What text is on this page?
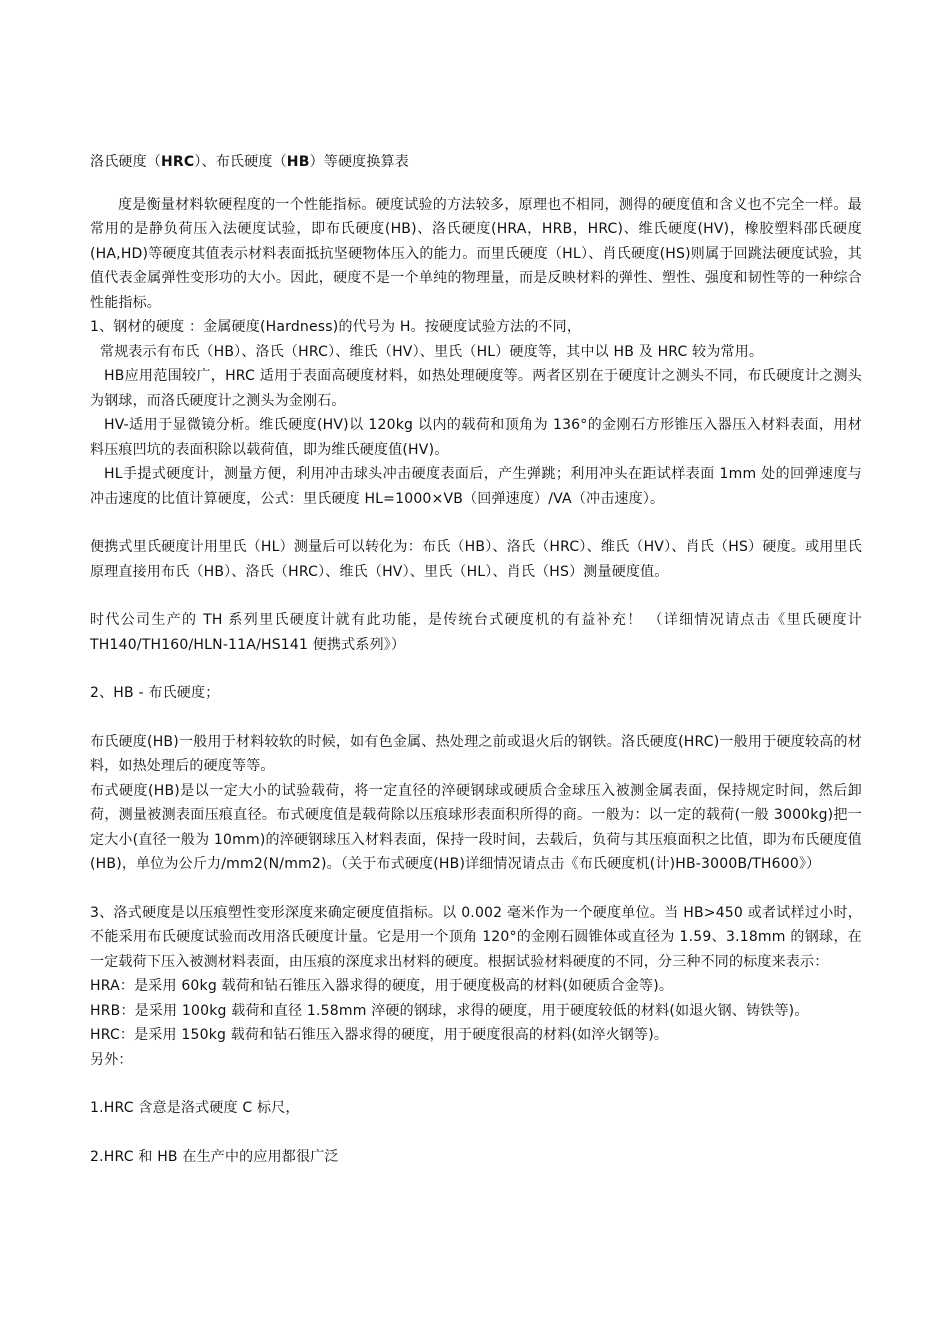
洛氏硬度（HRC）、布氏硬度（HB）等硬度换算表

度是衡量材料软硬程度的一个性能指标。硬度试验的方法较多，原理也不相同，测得的硬度值和含义也不完全一样。最常用的是静负荷压入法硬度试验，即布氏硬度(HB)、洛氏硬度(HRA，HRB，HRC)、维氏硬度(HV)，橡胶塑料邵氏硬度(HA,HD)等硬度其值表示材料表面抵抗坚硬物体压入的能力。而里氏硬度（HL）、肖氏硬度(HS)则属于回跳法硬度试验，其值代表金属弹性变形功的大小。因此，硬度不是一个单纯的物理量，而是反映材料的弹性、塑性、强度和韧性等的一种综合性能指标。

1、钢材的硬度 ：金属硬度(Hardness)的代号为 H。按硬度试验方法的不同，

常规表示有布氏（HB）、洛氏（HRC）、维氏（HV）、里氏（HL）硬度等，其中以 HB 及 HRC 较为常用。

HB应用范围较广，HRC 适用于表面高硬度材料，如热处理硬度等。两者区别在于硬度计之测头不同，布氏硬度计之测头为钢球，而洛氏硬度计之测头为金刚石。

HV-适用于显微镜分析。维氏硬度(HV)以 120kg 以内的载荷和顶角为 136°的金刚石方形锥压入器压入材料表面，用材料压痕凹坑的表面积除以载荷值，即为维氏硬度值(HV)。

HL手提式硬度计，测量方便，利用冲击球头冲击硬度表面后，产生弹跳；利用冲头在距试样表面 1mm 处的回弹速度与冲击速度的比值计算硬度，公式：里氏硬度 HL=1000×VB（回弹速度）/VA（冲击速度）。

便携式里氏硬度计用里氏（HL）测量后可以转化为：布氏（HB）、洛氏（HRC）、维氏（HV）、肖氏（HS）硬度。或用里氏原理直接用布氏（HB）、洛氏（HRC）、维氏（HV）、里氏（HL）、肖氏（HS）测量硬度值。

时代公司生产的 TH 系列里氏硬度计就有此功能，是传统台式硬度机的有益补充！ （详细情况请点击《里氏硬度计 TH140/TH160/HLN-11A/HS141 便携式系列》）

2、HB - 布氏硬度；

布氏硬度(HB)一般用于材料较软的时候，如有色金属、热处理之前或退火后的钢铁。洛氏硬度(HRC)一般用于硬度较高的材料，如热处理后的硬度等等。

布式硬度(HB)是以一定大小的试验载荷，将一定直径的淬硬钢球或硬质合金球压入被测金属表面，保持规定时间，然后卸荷，测量被测表面压痕直径。布式硬度值是载荷除以压痕球形表面积所得的商。一般为：以一定的载荷(一般 3000kg)把一定大小(直径一般为 10mm)的淬硬钢球压入材料表面，保持一段时间，去载后，负荷与其压痕面积之比值，即为布氏硬度值(HB)，单位为公斤力/mm2(N/mm2)。（关于布式硬度(HB)详细情况请点击《布氏硬度机(计)HB-3000B/TH600》）

3、洛式硬度是以压痕塑性变形深度来确定硬度值指标。以 0.002 毫米作为一个硬度单位。当 HB>450 或者试样过小时，不能采用布氏硬度试验而改用洛氏硬度计量。它是用一个顶角 120°的金刚石圆锥体或直径为 1.59、3.18mm 的钢球，在一定载荷下压入被测材料表面，由压痕的深度求出材料的硬度。根据试验材料硬度的不同，分三种不同的标度来表示：

HRA：是采用 60kg 载荷和钻石锥压入器求得的硬度，用于硬度极高的材料(如硬质合金等)。

HRB：是采用 100kg 载荷和直径 1.58mm 淬硬的钢球，求得的硬度，用于硬度较低的材料(如退火钢、铸铁等)。

HRC：是采用 150kg 载荷和钻石锥压入器求得的硬度，用于硬度很高的材料(如淬火钢等)。

另外：

1.HRC 含意是洛式硬度 C 标尺，

2.HRC 和 HB 在生产中的应用都很广泛
